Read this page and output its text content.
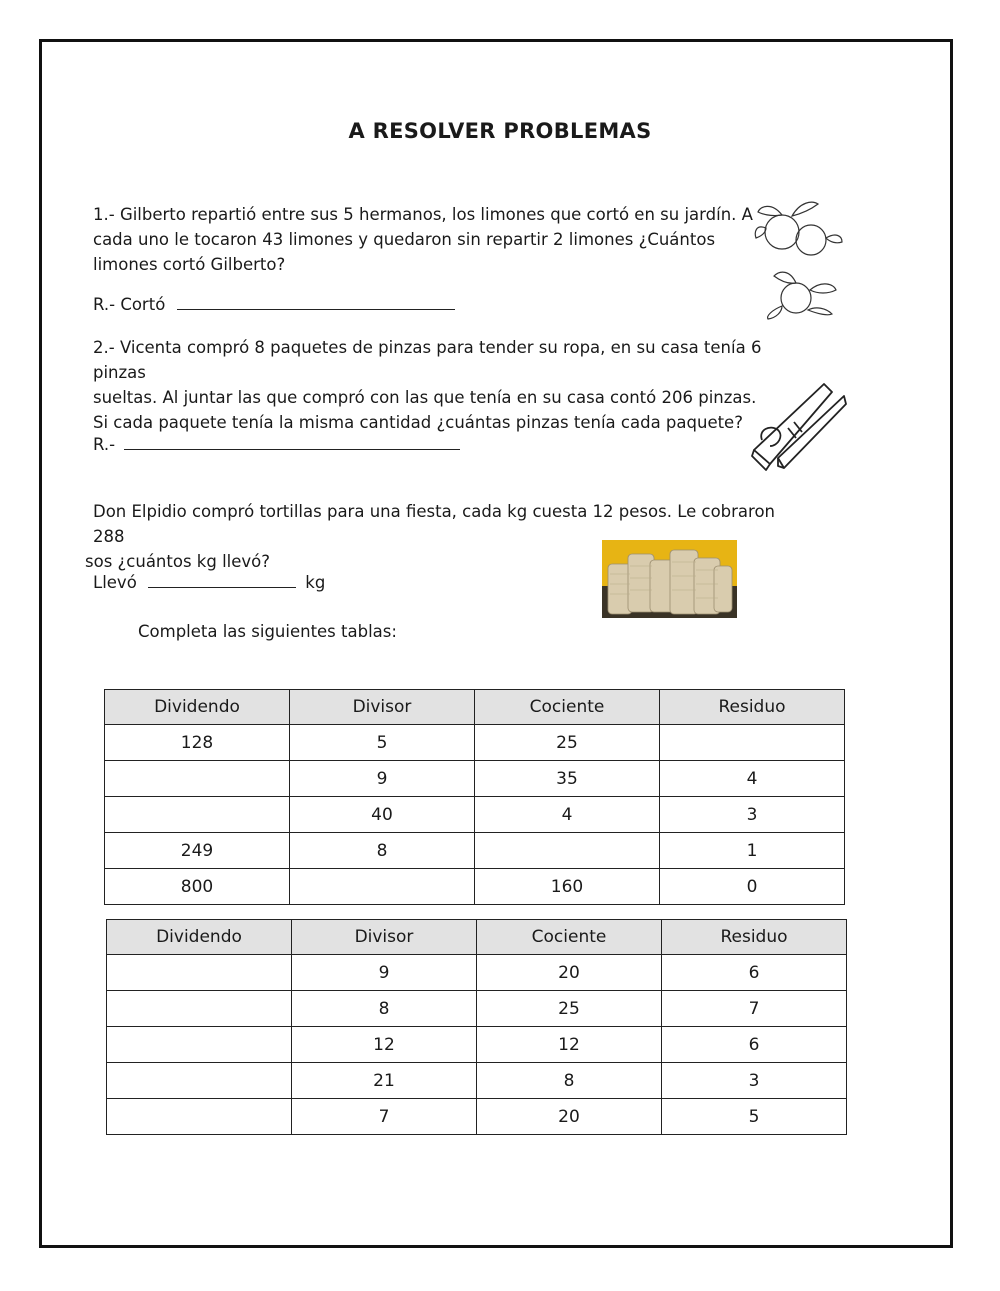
A RESOLVER PROBLEMAS
1.- Gilberto repartió entre sus 5 hermanos, los limones que cortó en su jardín. A
cada uno le tocaron 43 limones y quedaron sin repartir 2 limones ¿Cuántos
limones cortó Gilberto?
R.- Cortó
2.- Vicenta compró 8 paquetes de pinzas para tender su ropa, en su casa tenía 6 pinzas
sueltas. Al juntar las que compró con las que tenía en su casa contó 206 pinzas.
Si cada paquete tenía la misma cantidad ¿cuántas pinzas tenía cada paquete?
R.-
Don Elpidio compró tortillas para una fiesta, cada kg cuesta 12 pesos. Le cobraron 288
sos ¿cuántos kg llevó?
Llevó	kg
Completa las siguientes tablas:
Dividendo	Divisor	Cociente	Residuo
128	5	25	
	9	35	4
	40	4	3
249	8		1
800		160	0
Dividendo	Divisor	Cociente	Residuo
	9	20	6
	8	25	7
	12	12	6
	21	8	3
	7	20	5
